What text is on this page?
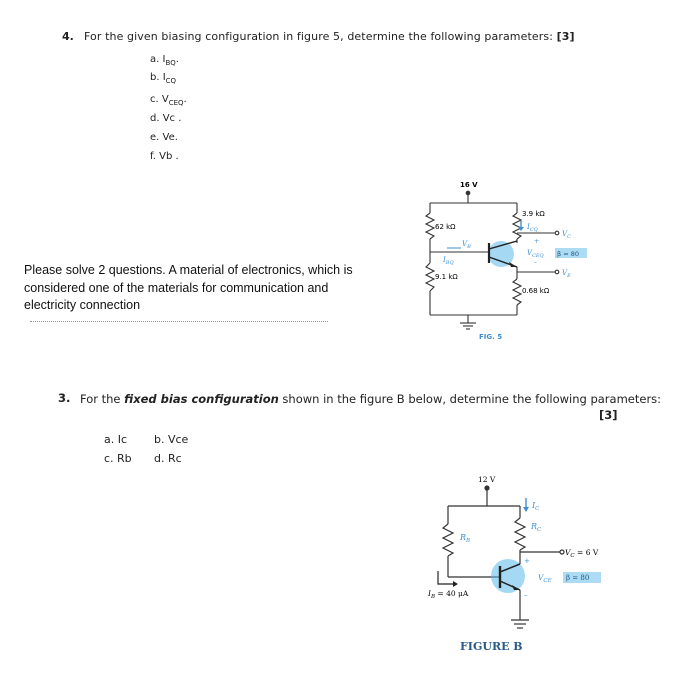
4. For the given biasing configuration in figure 5, determine the following parameters: [3]
a. $I_{BQ}$.
b. $I_{CQ}$
c. $V_{CEQ}$.
d. Vc .
e. Ve.
f. Vb .
Please solve 2 questions. A material of electronics, which is considered one of the materials for communication and electricity connection
16 V
62 kΩ
9.1 kΩ
3.9 kΩ
0.68 kΩ
$I_{CQ}$	$V_C$
$V_B$
$I_{BQ}$
+
$V_{CEQ}$
–
β = 80
$V_E$
FIG. 5
3. For the fixed bias configuration shown in the figure B below, determine the following parameters:
[3]
a. Ic b. Vce
c. Rb d. Rc
12 V
$I_C$
$R_C$
$R_B$
$V_C = 6$ V
+
$V_{CE}$
–
β = 80
$I_B = 40$ μA
FIGURE B
